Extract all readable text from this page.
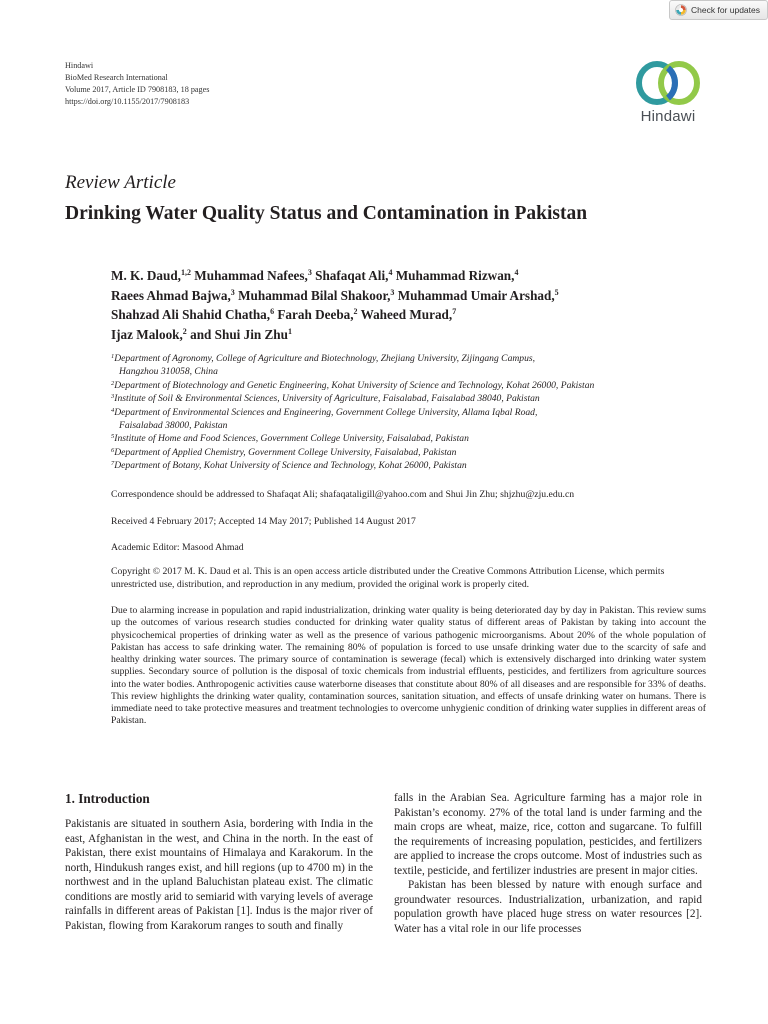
Check for updates
Hindawi
BioMed Research International
Volume 2017, Article ID 7908183, 18 pages
https://doi.org/10.1155/2017/7908183
Hindawi
Review Article
Drinking Water Quality Status and Contamination in Pakistan
M. K. Daud,$^{1,2}$ Muhammad Nafees,$^3$ Shafaqat Ali,$^4$ Muhammad Rizwan,$^4$
Raees Ahmad Bajwa,$^3$ Muhammad Bilal Shakoor,$^3$ Muhammad Umair Arshad,$^5$
Shahzad Ali Shahid Chatha,$^6$ Farah Deeba,$^2$ Waheed Murad,$^7$
Ijaz Malook,$^2$ and Shui Jin Zhu$^1$
$^1$Department of Agronomy, College of Agriculture and Biotechnology, Zhejiang University, Zijingang Campus,
Hangzhou 310058, China
$^2$Department of Biotechnology and Genetic Engineering, Kohat University of Science and Technology, Kohat 26000, Pakistan
$^3$Institute of Soil & Environmental Sciences, University of Agriculture, Faisalabad, Faisalabad 38040, Pakistan
$^4$Department of Environmental Sciences and Engineering, Government College University, Allama Iqbal Road,
Faisalabad 38000, Pakistan
$^5$Institute of Home and Food Sciences, Government College University, Faisalabad, Pakistan
$^6$Department of Applied Chemistry, Government College University, Faisalabad, Pakistan
$^7$Department of Botany, Kohat University of Science and Technology, Kohat 26000, Pakistan
Correspondence should be addressed to Shafaqat Ali; shafaqataligill@yahoo.com and Shui Jin Zhu; shjzhu@zju.edu.cn
Received 4 February 2017; Accepted 14 May 2017; Published 14 August 2017
Academic Editor: Masood Ahmad
Copyright © 2017 M. K. Daud et al. This is an open access article distributed under the Creative Commons Attribution License, which permits unrestricted use, distribution, and reproduction in any medium, provided the original work is properly cited.
Due to alarming increase in population and rapid industrialization, drinking water quality is being deteriorated day by day in Pakistan. This review sums up the outcomes of various research studies conducted for drinking water quality status of different areas of Pakistan by taking into account the physicochemical properties of drinking water as well as the presence of various pathogenic microorganisms. About 20% of the whole population of Pakistan has access to safe drinking water. The remaining 80% of population is forced to use unsafe drinking water due to the scarcity of safe and healthy drinking water sources. The primary source of contamination is sewerage (fecal) which is extensively discharged into drinking water system supplies. Secondary source of pollution is the disposal of toxic chemicals from industrial effluents, pesticides, and fertilizers from agriculture sources into the water bodies. Anthropogenic activities cause waterborne diseases that constitute about 80% of all diseases and are responsible for 33% of deaths. This review highlights the drinking water quality, contamination sources, sanitation situation, and effects of unsafe drinking water on humans. There is immediate need to take protective measures and treatment technologies to overcome unhygienic condition of drinking water supplies in different areas of Pakistan.
1. Introduction
Pakistanis are situated in southern Asia, bordering with India in the east, Afghanistan in the west, and China in the north. In the east of Pakistan, there exist mountains of Himalaya and Karakorum. In the north, Hindukush ranges exist, and hill regions (up to 4700 m) in the northwest and in the upland Baluchistan plateau exist. The climatic conditions are mostly arid to semiarid with varying levels of average rainfalls in different areas of Pakistan [1]. Indus is the major river of Pakistan, flowing from Karakorum ranges to south and finally
falls in the Arabian Sea. Agriculture farming has a major role in Pakistan’s economy. 27% of the total land is under farming and the main crops are wheat, maize, rice, cotton and sugarcane. To fulfill the requirements of increasing population, pesticides, and fertilizers are applied to increase the crops outcome. Most of industries such as textile, pesticide, and fertilizer industries are present in major cities.
Pakistan has been blessed by nature with enough surface and groundwater resources. Industrialization, urbanization, and rapid population growth have placed huge stress on water resources [2]. Water has a vital role in our life processes
